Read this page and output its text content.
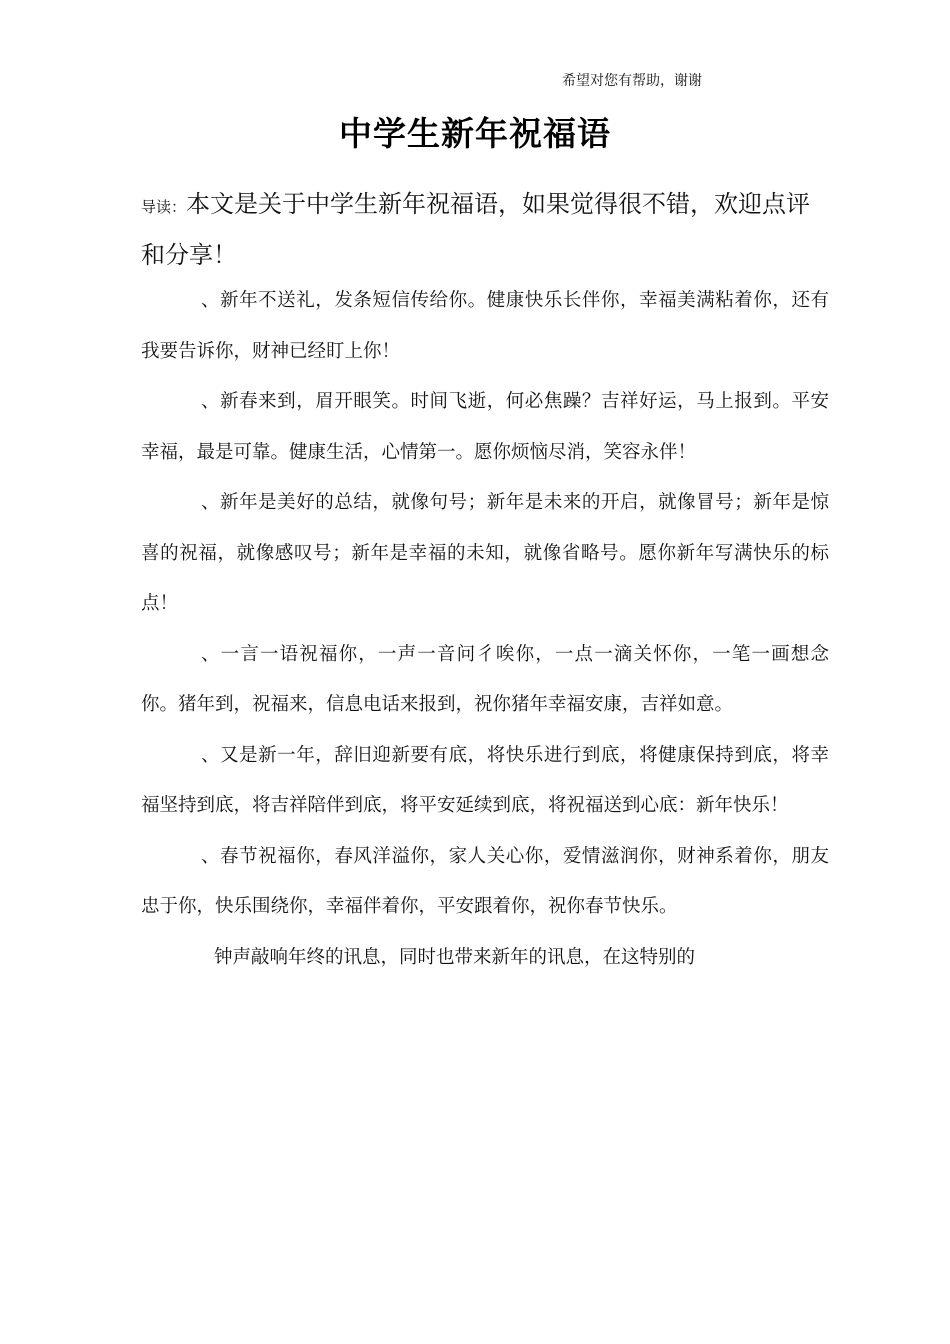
希望对您有帮助，谢谢
中学生新年祝福语
导读：本文是关于中学生新年祝福语，如果觉得很不错，欢迎点评和分享！

、新年不送礼，发条短信传给你。健康快乐长伴你，幸福美满粘着你，还有我要告诉你，财神已经盯上你！

、新春来到，眉开眼笑。时间飞逝，何必焦躁？吉祥好运，马上报到。平安幸福，最是可靠。健康生活，心情第一。愿你烦恼尽消，笑容永伴！

、新年是美好的总结，就像句号；新年是未来的开启，就像冒号；新年是惊喜的祝福，就像感叹号；新年是幸福的未知，就像省略号。愿你新年写满快乐的标点！

、一言一语祝福你，一声一音问彳唉你，一点一滴关怀你，一笔一画想念你。猪年到，祝福来，信息电话来报到，祝你猪年幸福安康，吉祥如意。

、又是新一年，辞旧迎新要有底，将快乐进行到底，将健康保持到底，将幸福坚持到底，将吉祥陪伴到底，将平安延续到底，将祝福送到心底：新年快乐！

、春节祝福你，春风洋溢你，家人关心你，爱情滋润你，财神系着你，朋友忠于你，快乐围绕你，幸福伴着你，平安跟着你，祝你春节快乐。

钟声敲响年终的讯息，同时也带来新年的讯息，在这特别的
